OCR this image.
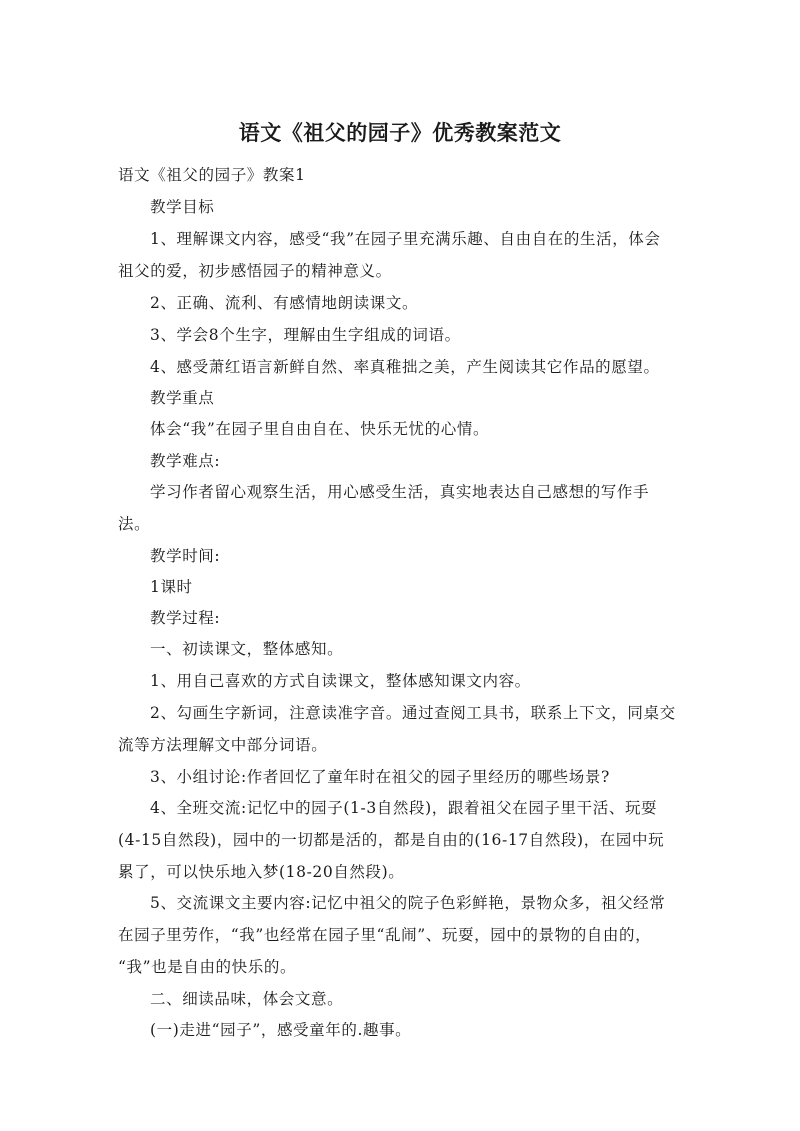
语文《祖父的园子》优秀教案范文
语文《祖父的园子》教案1
教学目标
1、理解课文内容，感受“我”在园子里充满乐趣、自由自在的生活，体会
祖父的爱，初步感悟园子的精神意义。
2、正确、流利、有感情地朗读课文。
3、学会8个生字，理解由生字组成的词语。
4、感受萧红语言新鲜自然、率真稚拙之美，产生阅读其它作品的愿望。
教学重点
体会“我”在园子里自由自在、快乐无忧的心情。
教学难点:
学习作者留心观察生活，用心感受生活，真实地表达自己感想的写作手
法。
教学时间:
1课时
教学过程:
一、初读课文，整体感知。
1、用自己喜欢的方式自读课文，整体感知课文内容。
2、勾画生字新词，注意读准字音。通过查阅工具书，联系上下文，同桌交
流等方法理解文中部分词语。
3、小组讨论:作者回忆了童年时在祖父的园子里经历的哪些场景?
4、全班交流:记忆中的园子(1-3自然段)，跟着祖父在园子里干活、玩耍
(4-15自然段)，园中的一切都是活的，都是自由的(16-17自然段)，在园中玩
累了，可以快乐地入梦(18-20自然段)。
5、交流课文主要内容:记忆中祖父的院子色彩鲜艳，景物众多，祖父经常
在园子里劳作，“我”也经常在园子里“乱闹”、玩耍，园中的景物的自由的，
“我”也是自由的快乐的。
二、细读品味，体会文意。
(一)走进“园子”，感受童年的.趣事。
